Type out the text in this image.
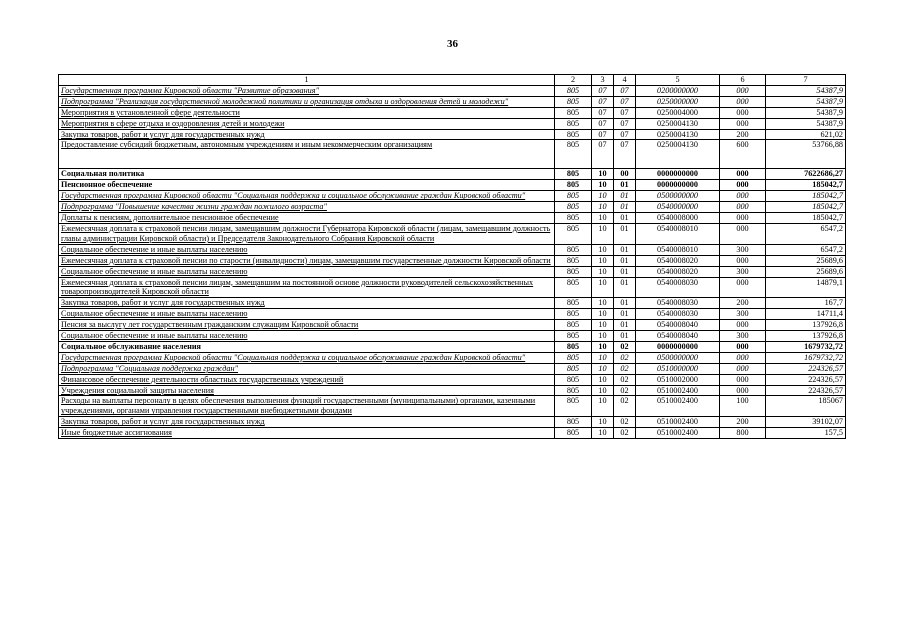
36
1	2	3	4	5	6	7
Государственная программа Кировской области "Развитие образования"	805	07	07	0200000000	000	54387,9
Подпрограмма "Реализация государственной молодежной политики и организация отдыха и оздоровления детей и молодежи"	805	07	07	0250000000	000	54387,9
Мероприятия в установленной сфере деятельности	805	07	07	0250004000	000	54387,9
Мероприятия в сфере отдыха и оздоровления детей и молодежи	805	07	07	0250004130	000	54387,9
Закупка товаров, работ и услуг для государственных нужд	805	07	07	0250004130	200	621,02
Предоставление субсидий бюджетным, автономным учреждениям и иным некоммерческим организациям	805	07	07	0250004130	600	53766,88
Социальная политика	805	10	00	0000000000	000	7622686,27
Пенсионное обеспечение	805	10	01	0000000000	000	185042,7
Государственная программа Кировской области "Социальная поддержка и социальное обслуживание граждан Кировской области"	805	10	01	0500000000	000	185042,7
Подпрограмма "Повышение качества жизни граждан пожилого возраста"	805	10	01	0540000000	000	185042,7
Доплаты к пенсиям, дополнительное пенсионное обеспечение	805	10	01	0540008000	000	185042,7
Ежемесячная доплата к страховой пенсии лицам, замещавшим должности Губернатора Кировской области (лицам, замещавшим должность главы администрации Кировской области) и Председателя Законодательного Собрания Кировской области	805	10	01	0540008010	000	6547,2
Социальное обеспечение и иные выплаты населению	805	10	01	0540008010	300	6547,2
Ежемесячная доплата к страховой пенсии по старости (инвалидности) лицам, замещавшим государственные должности Кировской области	805	10	01	0540008020	000	25689,6
Социальное обеспечение и иные выплаты населению	805	10	01	0540008020	300	25689,6
Ежемесячная доплата к страховой пенсии лицам, замещавшим на постоянной основе должности руководителей сельскохозяйственных товаропроизводителей Кировской области	805	10	01	0540008030	000	14879,1
Закупка товаров, работ и услуг для государственных нужд	805	10	01	0540008030	200	167,7
Социальное обеспечение и иные выплаты населению	805	10	01	0540008030	300	14711,4
Пенсия за выслугу лет государственным гражданским служащим Кировской области	805	10	01	0540008040	000	137926,8
Социальное обеспечение и иные выплаты населению	805	10	01	0540008040	300	137926,8
Социальное обслуживание населения	805	10	02	0000000000	000	1679732,72
Государственная программа Кировской области "Социальная поддержка и социальное обслуживание граждан Кировской области"	805	10	02	0500000000	000	1679732,72
Подпрограмма "Социальная поддержка граждан"	805	10	02	0510000000	000	224326,57
Финансовое обеспечение деятельности областных государственных учреждений	805	10	02	0510002000	000	224326,57
Учреждения социальной защиты населения	805	10	02	0510002400	000	224326,57
Расходы на выплаты персоналу в целях обеспечения выполнения функций государственными (муниципальными) органами, казенными учреждениями, органами управления государственными внебюджетными фондами	805	10	02	0510002400	100	185067
Закупка товаров, работ и услуг для государственных нужд	805	10	02	0510002400	200	39102,07
Иные бюджетные ассигнования	805	10	02	0510002400	800	157,5
